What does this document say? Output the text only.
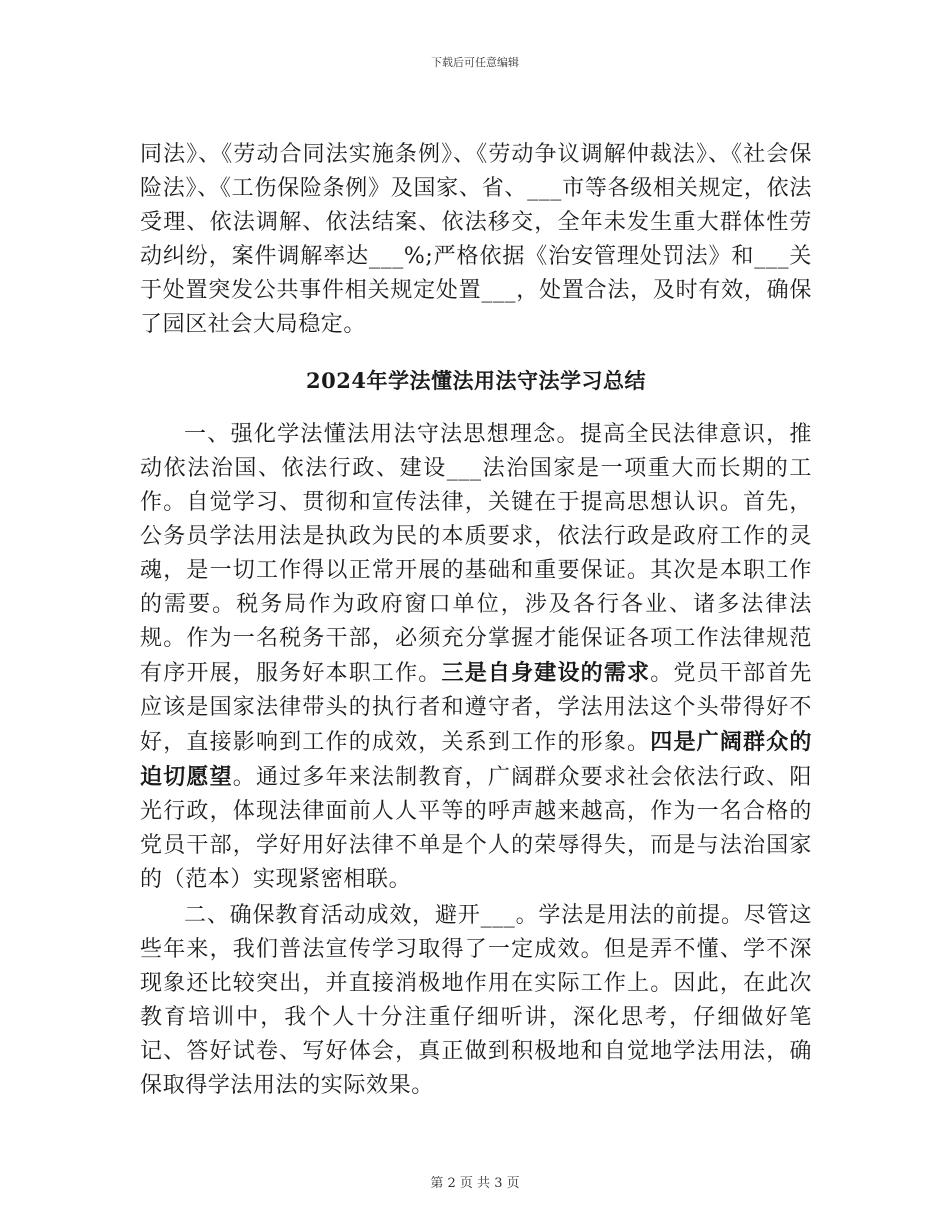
下载后可任意编辑

同法》、《劳动合同法实施条例》、《劳动争议调解仲裁法》、《社会保险法》、《工伤保险条例》及国家、省、___市等各级相关规定，依法受理、依法调解、依法结案、依法移交，全年未发生重大群体性劳动纠纷，案件调解率达___%;严格依据《治安管理处罚法》和___关于处置突发公共事件相关规定处置___，处置合法，及时有效，确保了园区社会大局稳定。

2024年学法懂法用法守法学习总结

一、强化学法懂法用法守法思想理念。提高全民法律意识，推动依法治国、依法行政、建设___法治国家是一项重大而长期的工作。自觉学习、贯彻和宣传法律，关键在于提高思想认识。首先，公务员学法用法是执政为民的本质要求，依法行政是政府工作的灵魂，是一切工作得以正常开展的基础和重要保证。其次是本职工作的需要。税务局作为政府窗口单位，涉及各行各业、诸多法律法规。作为一名税务干部，必须充分掌握才能保证各项工作法律规范有序开展，服务好本职工作。三是自身建设的需求。党员干部首先应该是国家法律带头的执行者和遵守者，学法用法这个头带得好不好，直接影响到工作的成效，关系到工作的形象。四是广阔群众的迫切愿望。通过多年来法制教育，广阔群众要求社会依法行政、阳光行政，体现法律面前人人平等的呼声越来越高，作为一名合格的党员干部，学好用好法律不单是个人的荣辱得失，而是与法治国家的（范本）实现紧密相联。

二、确保教育活动成效，避开___。学法是用法的前提。尽管这些年来，我们普法宣传学习取得了一定成效。但是弄不懂、学不深现象还比较突出，并直接消极地作用在实际工作上。因此，在此次教育培训中，我个人十分注重仔细听讲，深化思考，仔细做好笔记、答好试卷、写好体会，真正做到积极地和自觉地学法用法，确保取得学法用法的实际效果。

第 2 页 共 3 页
